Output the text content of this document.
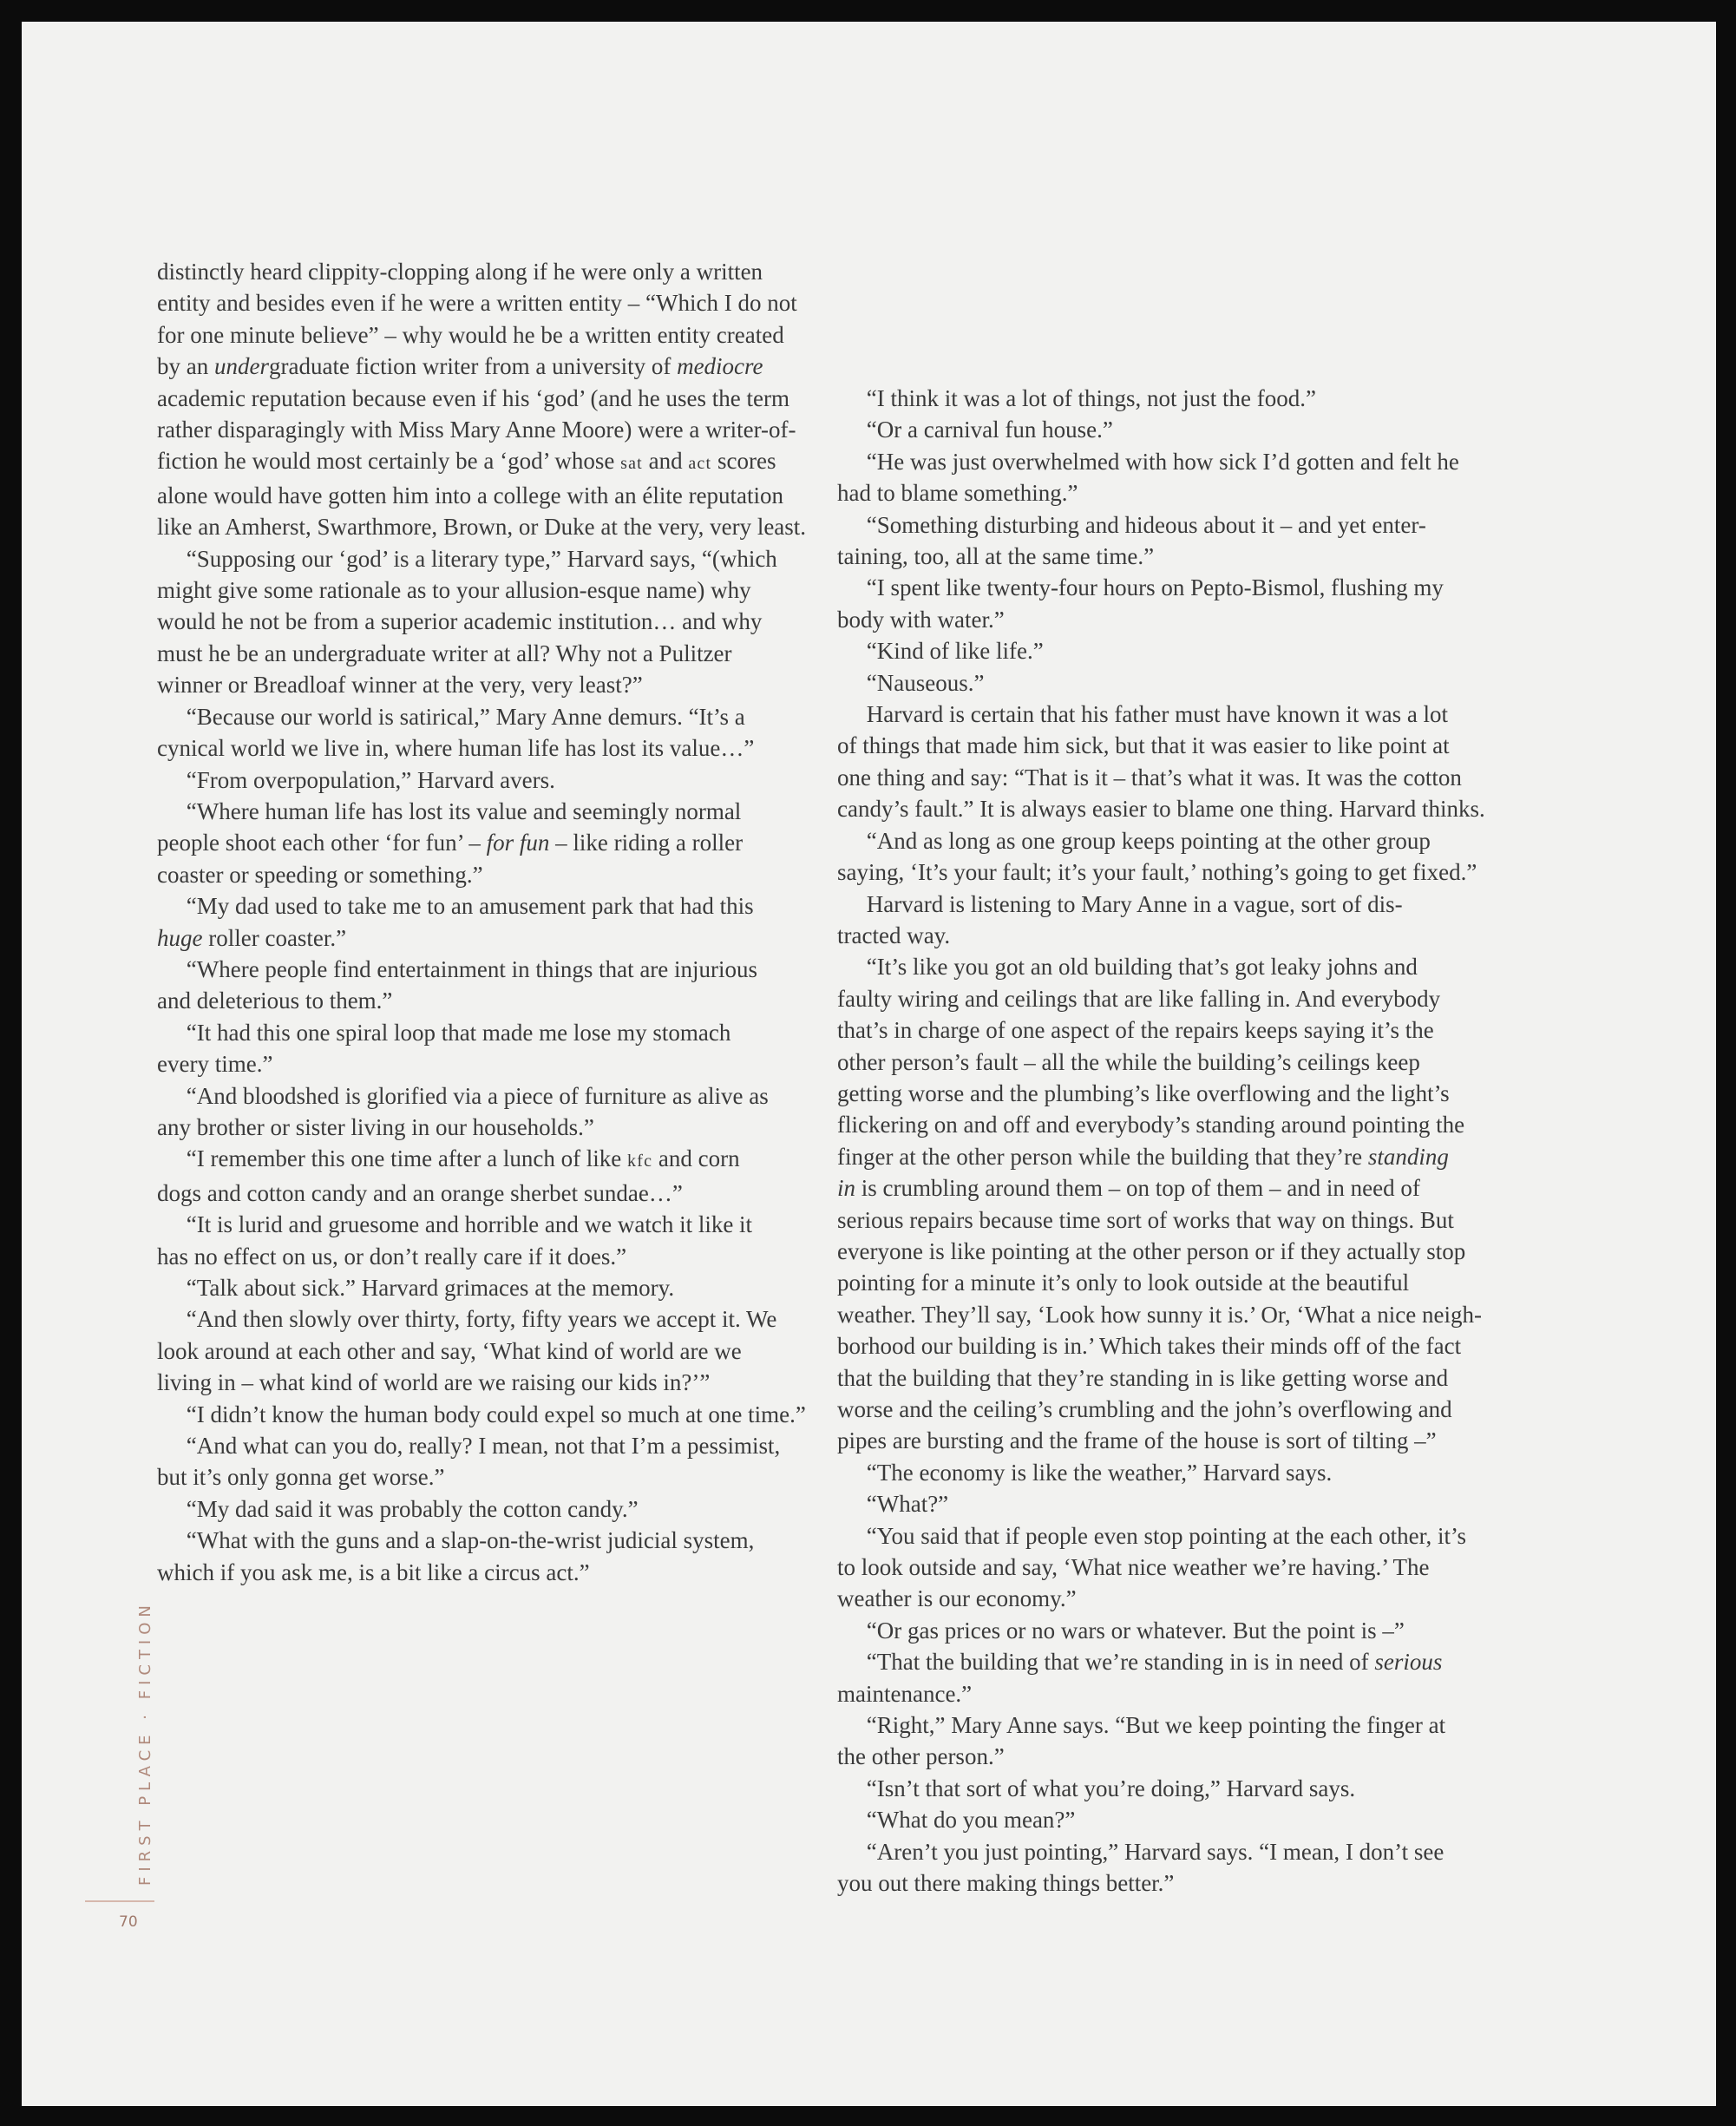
distinctly heard clippity-clopping along if he were only a written
entity and besides even if he were a written entity – “Which I do not
for one minute believe” – why would he be a written entity created
by an undergraduate fiction writer from a university of mediocre
academic reputation because even if his ‘god’ (and he uses the term
rather disparagingly with Miss Mary Anne Moore) were a writer-of-
fiction he would most certainly be a ‘god’ whose sat and act scores
alone would have gotten him into a college with an élite reputation
like an Amherst, Swarthmore, Brown, or Duke at the very, very least.

“Supposing our ‘god’ is a literary type,” Harvard says, “(which
might give some rationale as to your allusion-esque name) why
would he not be from a superior academic institution… and why
must he be an undergraduate writer at all? Why not a Pulitzer
winner or Breadloaf winner at the very, very least?”

“Because our world is satirical,” Mary Anne demurs. “It’s a
cynical world we live in, where human life has lost its value…”

“From overpopulation,” Harvard avers.

“Where human life has lost its value and seemingly normal
people shoot each other ‘for fun’ – for fun – like riding a roller
coaster or speeding or something.”

“My dad used to take me to an amusement park that had this
huge roller coaster.”

“Where people find entertainment in things that are injurious
and deleterious to them.”

“It had this one spiral loop that made me lose my stomach
every time.”

“And bloodshed is glorified via a piece of furniture as alive as
any brother or sister living in our households.”

“I remember this one time after a lunch of like kfc and corn
dogs and cotton candy and an orange sherbet sundae…”

“It is lurid and gruesome and horrible and we watch it like it
has no effect on us, or don’t really care if it does.”

“Talk about sick.” Harvard grimaces at the memory.

“And then slowly over thirty, forty, fifty years we accept it. We
look around at each other and say, ‘What kind of world are we
living in – what kind of world are we raising our kids in?’”

“I didn’t know the human body could expel so much at one time.”

“And what can you do, really? I mean, not that I’m a pessimist,
but it’s only gonna get worse.”

“My dad said it was probably the cotton candy.”

“What with the guns and a slap-on-the-wrist judicial system,
which if you ask me, is a bit like a circus act.”

“I think it was a lot of things, not just the food.”

“Or a carnival fun house.”

“He was just overwhelmed with how sick I’d gotten and felt he
had to blame something.”

“Something disturbing and hideous about it – and yet enter-
taining, too, all at the same time.”

“I spent like twenty-four hours on Pepto-Bismol, flushing my
body with water.”

“Kind of like life.”

“Nauseous.”

Harvard is certain that his father must have known it was a lot
of things that made him sick, but that it was easier to like point at
one thing and say: “That is it – that’s what it was. It was the cotton
candy’s fault.” It is always easier to blame one thing. Harvard thinks.

“And as long as one group keeps pointing at the other group
saying, ‘It’s your fault; it’s your fault,’ nothing’s going to get fixed.”

Harvard is listening to Mary Anne in a vague, sort of dis-
tracted way.

“It’s like you got an old building that’s got leaky johns and
faulty wiring and ceilings that are like falling in. And everybody
that’s in charge of one aspect of the repairs keeps saying it’s the
other person’s fault – all the while the building’s ceilings keep
getting worse and the plumbing’s like overflowing and the light’s
flickering on and off and everybody’s standing around pointing the
finger at the other person while the building that they’re standing
in is crumbling around them – on top of them – and in need of
serious repairs because time sort of works that way on things. But
everyone is like pointing at the other person or if they actually stop
pointing for a minute it’s only to look outside at the beautiful
weather. They’ll say, ‘Look how sunny it is.’ Or, ‘What a nice neigh-
borhood our building is in.’ Which takes their minds off of the fact
that the building that they’re standing in is like getting worse and
worse and the ceiling’s crumbling and the john’s overflowing and
pipes are bursting and the frame of the house is sort of tilting –”

“The economy is like the weather,” Harvard says.

“What?”

“You said that if people even stop pointing at the each other, it’s
to look outside and say, ‘What nice weather we’re having.’ The
weather is our economy.”

“Or gas prices or no wars or whatever. But the point is –”

“That the building that we’re standing in is in need of serious
maintenance.”

“Right,” Mary Anne says. “But we keep pointing the finger at
the other person.”

“Isn’t that sort of what you’re doing,” Harvard says.

“What do you mean?”

“Aren’t you just pointing,” Harvard says. “I mean, I don’t see
you out there making things better.”

FIRST PLACE · FICTION
70
